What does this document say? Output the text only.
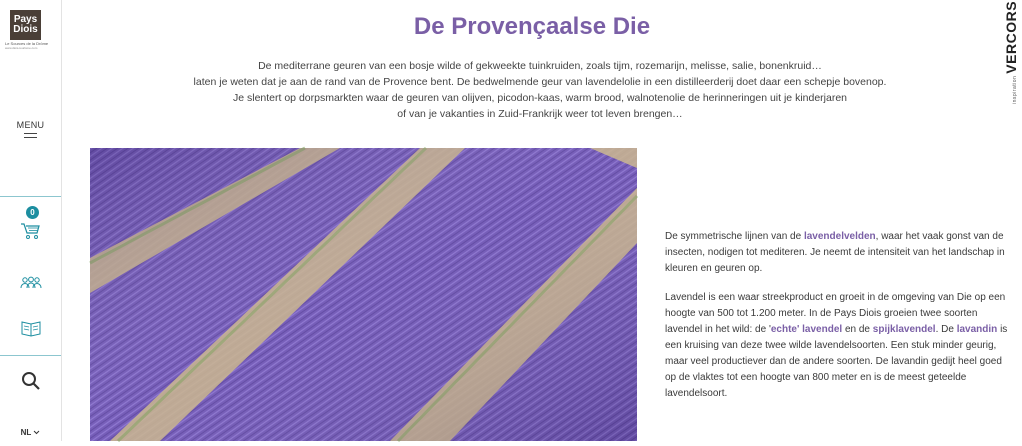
Pays
Diois
Le Sources de la Drôme
www.diois-tourisme.com
MENU
0
NL
inspirationVERCORS
De Provençaalse Die

De mediterrane geuren van een bosje wilde of gekweekte tuinkruiden, zoals tijm, rozemarijn, melisse, salie, bonenkruid…

laten je weten dat je aan de rand van de Provence bent. De bedwelmende geur van lavendelolie in een distilleerderij doet daar een schepje bovenop.

Je slentert op dorpsmarkten waar de geuren van olijven, picodon-kaas, warm brood, walnotenolie de herinneringen uit je kinderjaren

of van je vakanties in Zuid-Frankrijk weer tot leven brengen…

De symmetrische lijnen van de lavendelvelden, waar het vaak gonst van de insecten, nodigen tot mediteren. Je neemt de intensiteit van het landschap in kleuren en geuren op.

Lavendel is een waar streekproduct en groeit in de omgeving van Die op een hoogte van 500 tot 1.200 meter. In de Pays Diois groeien twee soorten lavendel in het wild: de 'echte' lavendel en de spijklavendel. De lavandin is een kruising van deze twee wilde lavendelsoorten. Een stuk minder geurig, maar veel productiever dan de andere soorten. De lavandin gedijt heel goed op de vlaktes tot een hoogte van 800 meter en is de meest geteelde lavendelsoort.
